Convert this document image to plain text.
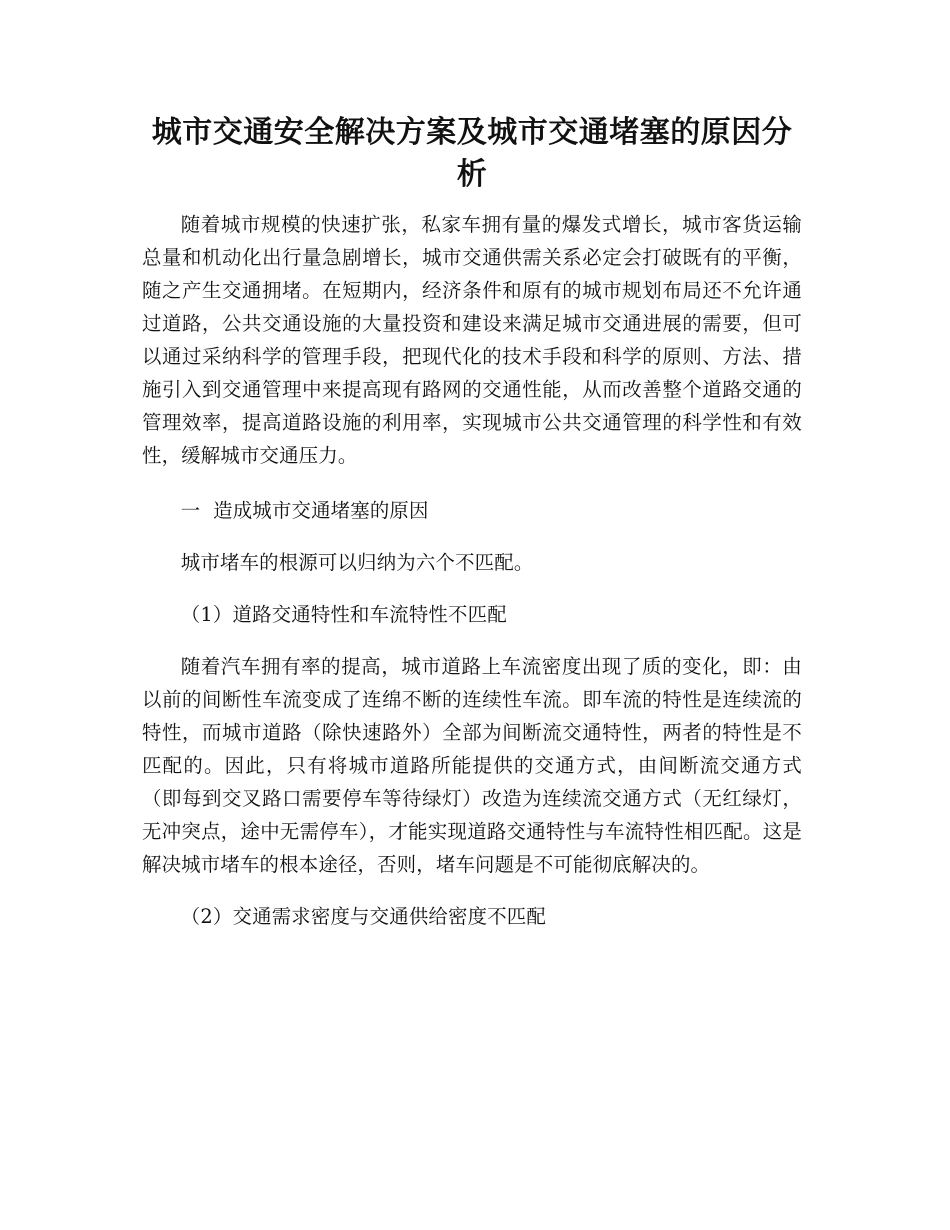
城市交通安全解决方案及城市交通堵塞的原因分析

随着城市规模的快速扩张，私家车拥有量的爆发式增长，城市客货运输总量和机动化出行量急剧增长，城市交通供需关系必定会打破既有的平衡，随之产生交通拥堵。在短期内，经济条件和原有的城市规划布局还不允许通过道路，公共交通设施的大量投资和建设来满足城市交通进展的需要，但可以通过采纳科学的管理手段，把现代化的技术手段和科学的原则、方法、措施引入到交通管理中来提高现有路网的交通性能，从而改善整个道路交通的管理效率，提高道路设施的利用率，实现城市公共交通管理的科学性和有效性，缓解城市交通压力。

一  造成城市交通堵塞的原因

城市堵车的根源可以归纳为六个不匹配。

（1）道路交通特性和车流特性不匹配

随着汽车拥有率的提高，城市道路上车流密度出现了质的变化，即：由以前的间断性车流变成了连绵不断的连续性车流。即车流的特性是连续流的特性，而城市道路（除快速路外）全部为间断流交通特性，两者的特性是不匹配的。因此，只有将城市道路所能提供的交通方式，由间断流交通方式（即每到交叉路口需要停车等待绿灯）改造为连续流交通方式（无红绿灯，无冲突点，途中无需停车），才能实现道路交通特性与车流特性相匹配。这是解决城市堵车的根本途径，否则，堵车问题是不可能彻底解决的。

（2）交通需求密度与交通供给密度不匹配
